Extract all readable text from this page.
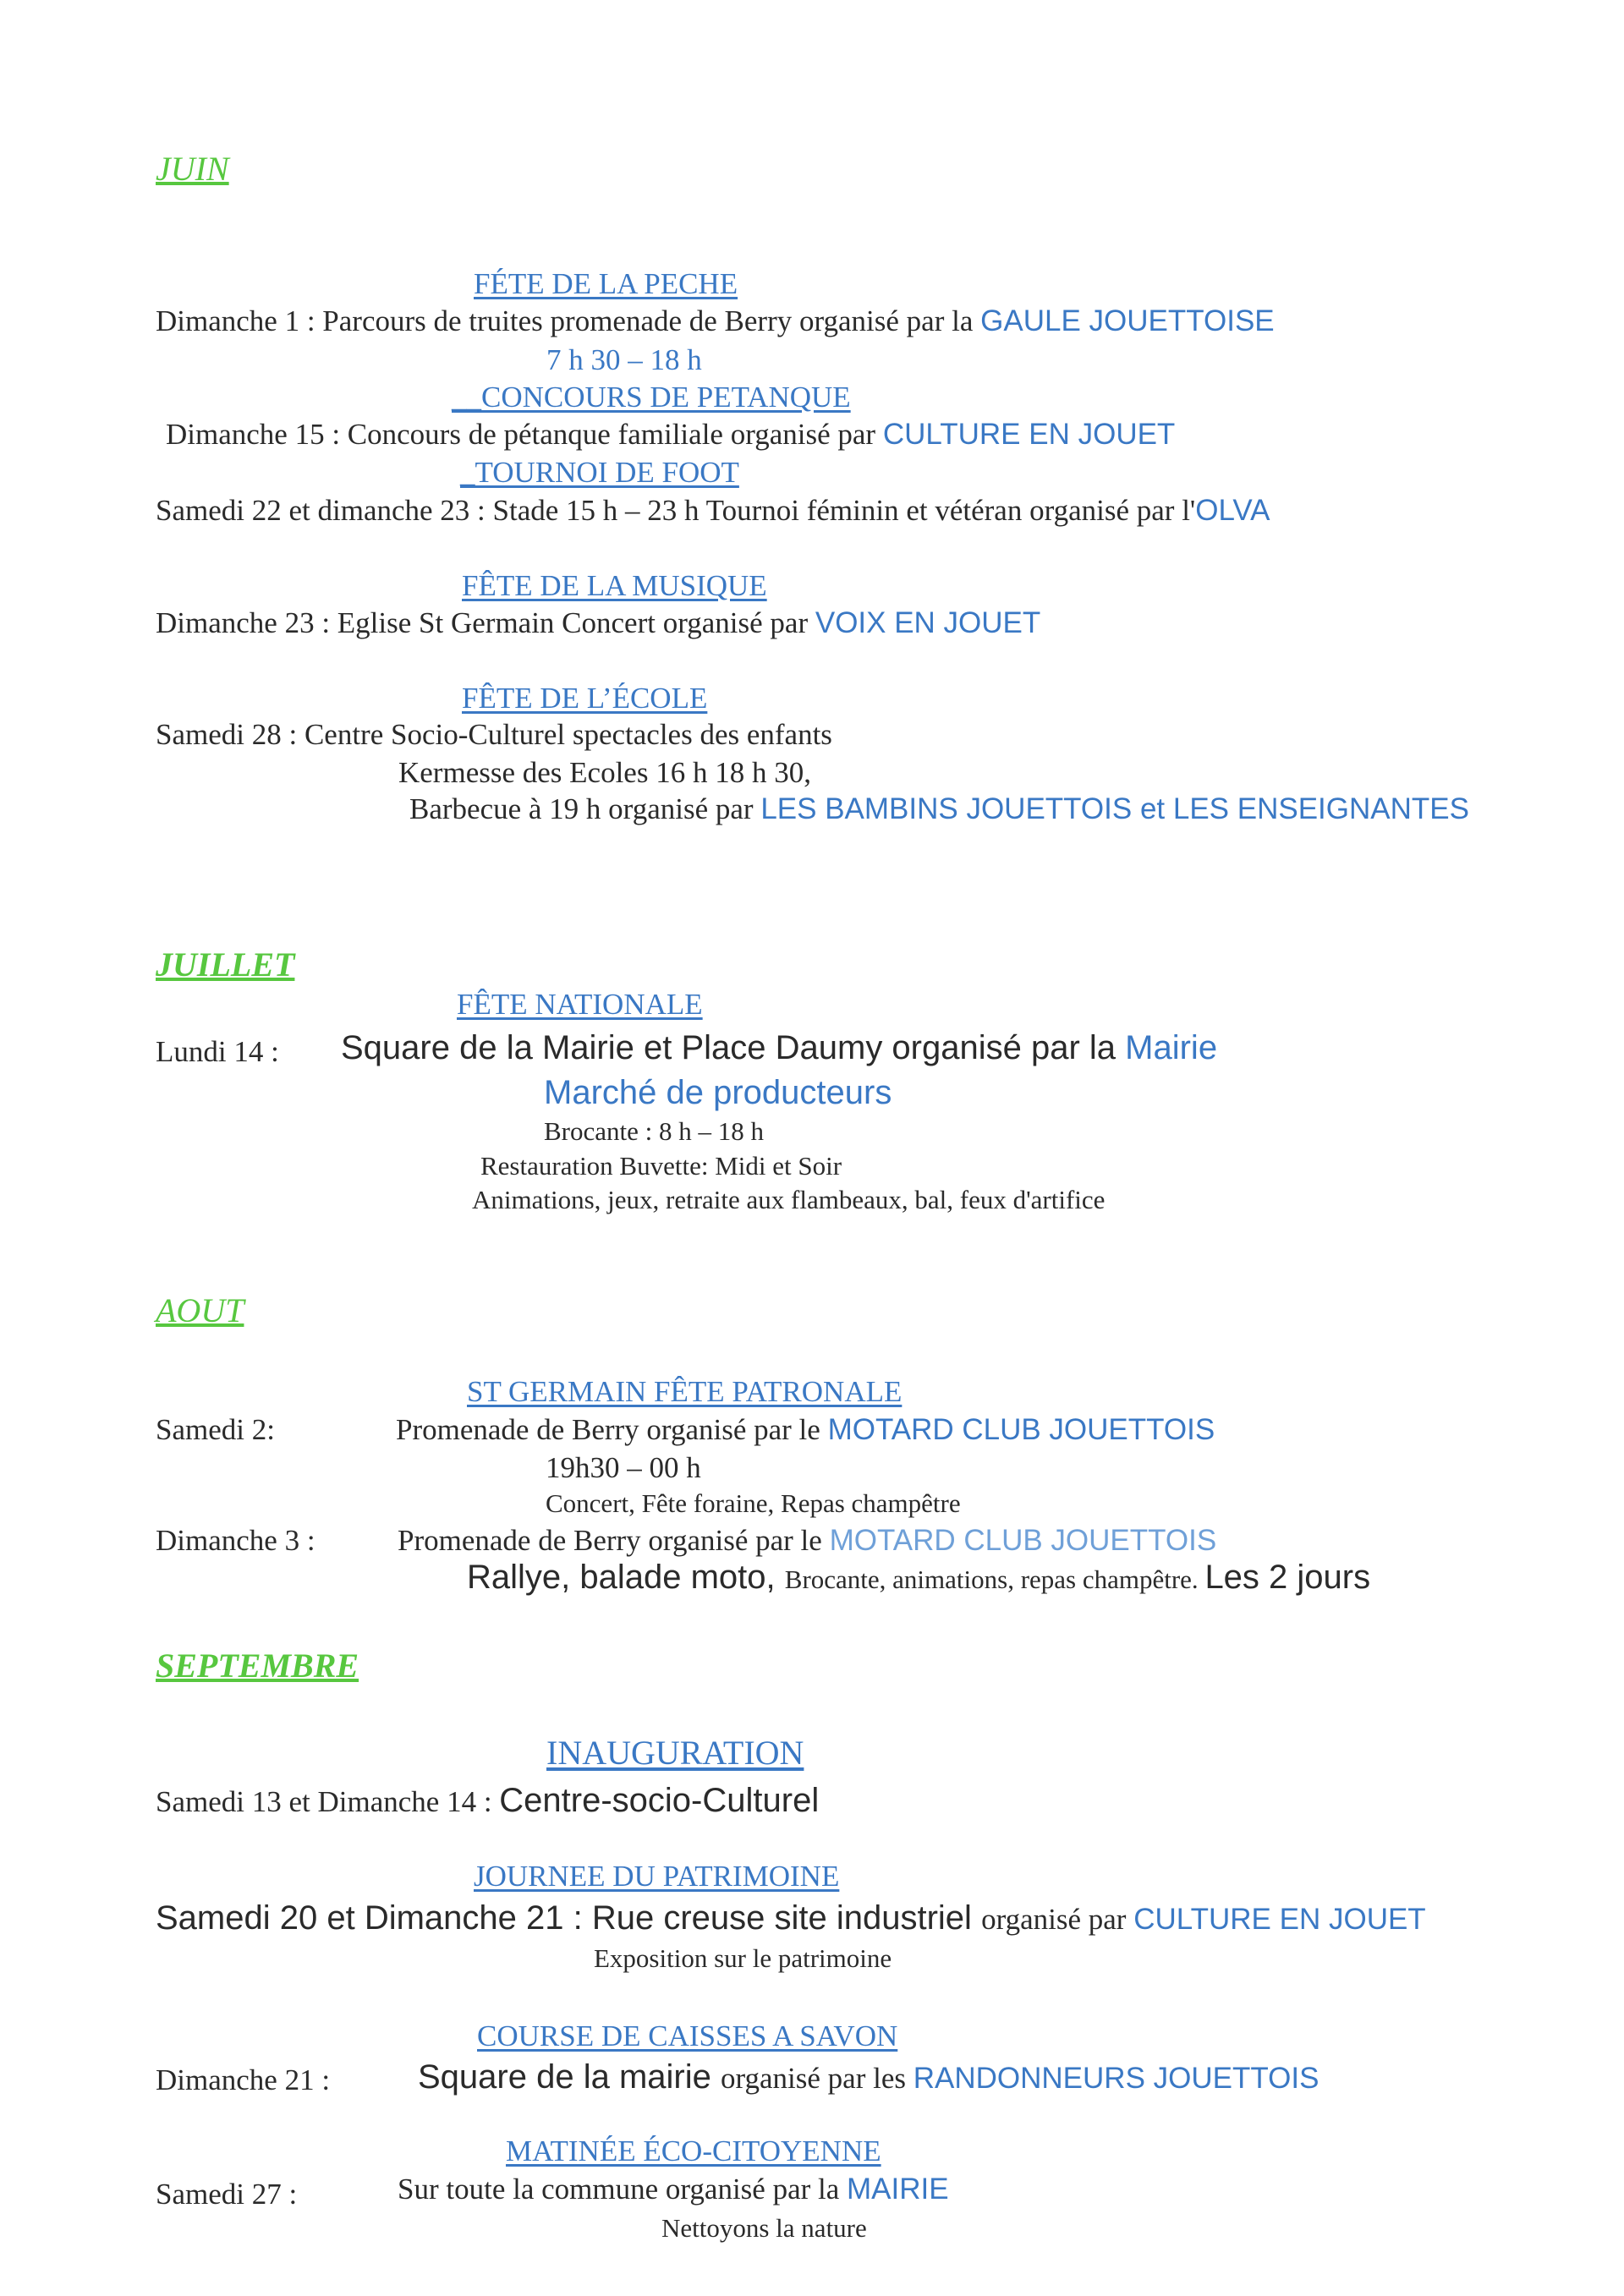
JUIN
FÉTE DE LA PECHE
Dimanche 1 : Parcours de truites promenade de Berry organisé par la GAULE JOUETTOISE
7 h 30 – 18 h
__CONCOURS DE PETANQUE
Dimanche 15 : Concours de pétanque familiale organisé par CULTURE EN JOUET
_TOURNOI DE FOOT
Samedi 22 et dimanche 23 : Stade 15 h – 23 h Tournoi féminin et vétéran organisé par l'OLVA
FÊTE DE LA MUSIQUE
Dimanche 23 : Eglise St Germain Concert organisé par VOIX EN JOUET
FÊTE DE L’ÉCOLE
Samedi 28 : Centre Socio-Culturel spectacles des enfants
Kermesse des Ecoles 16 h 18 h 30,
Barbecue à 19 h organisé par LES BAMBINS JOUETTOIS et LES ENSEIGNANTES
JUILLET
FÊTE NATIONALE
Lundi 14 : Square de la Mairie et Place Daumy organisé par la Mairie
Marché de producteurs
Brocante : 8 h – 18 h
Restauration Buvette: Midi et Soir
Animations, jeux, retraite aux flambeaux, bal, feux d'artifice
AOUT
ST GERMAIN FÊTE PATRONALE
Samedi 2:	Promenade de Berry organisé par le MOTARD CLUB JOUETTOIS
19h30 – 00 h
Concert, Fête foraine, Repas champêtre
Dimanche 3 :	Promenade de Berry organisé par le MOTARD CLUB JOUETTOIS
Rallye, balade moto, Brocante, animations, repas champêtre. Les 2 jours
SEPTEMBRE
INAUGURATION
Samedi 13 et Dimanche 14 : Centre-socio-Culturel
JOURNEE DU PATRIMOINE
Samedi 20 et Dimanche 21 : Rue creuse site industriel organisé par CULTURE EN JOUET
Exposition sur le patrimoine
COURSE DE CAISSES A SAVON
Dimanche 21 :	Square de la mairie organisé par les RANDONNEURS JOUETTOIS
MATINÉE ÉCO-CITOYENNE
Samedi 27 :	Sur toute la commune organisé par la MAIRIE
Nettoyons la nature
